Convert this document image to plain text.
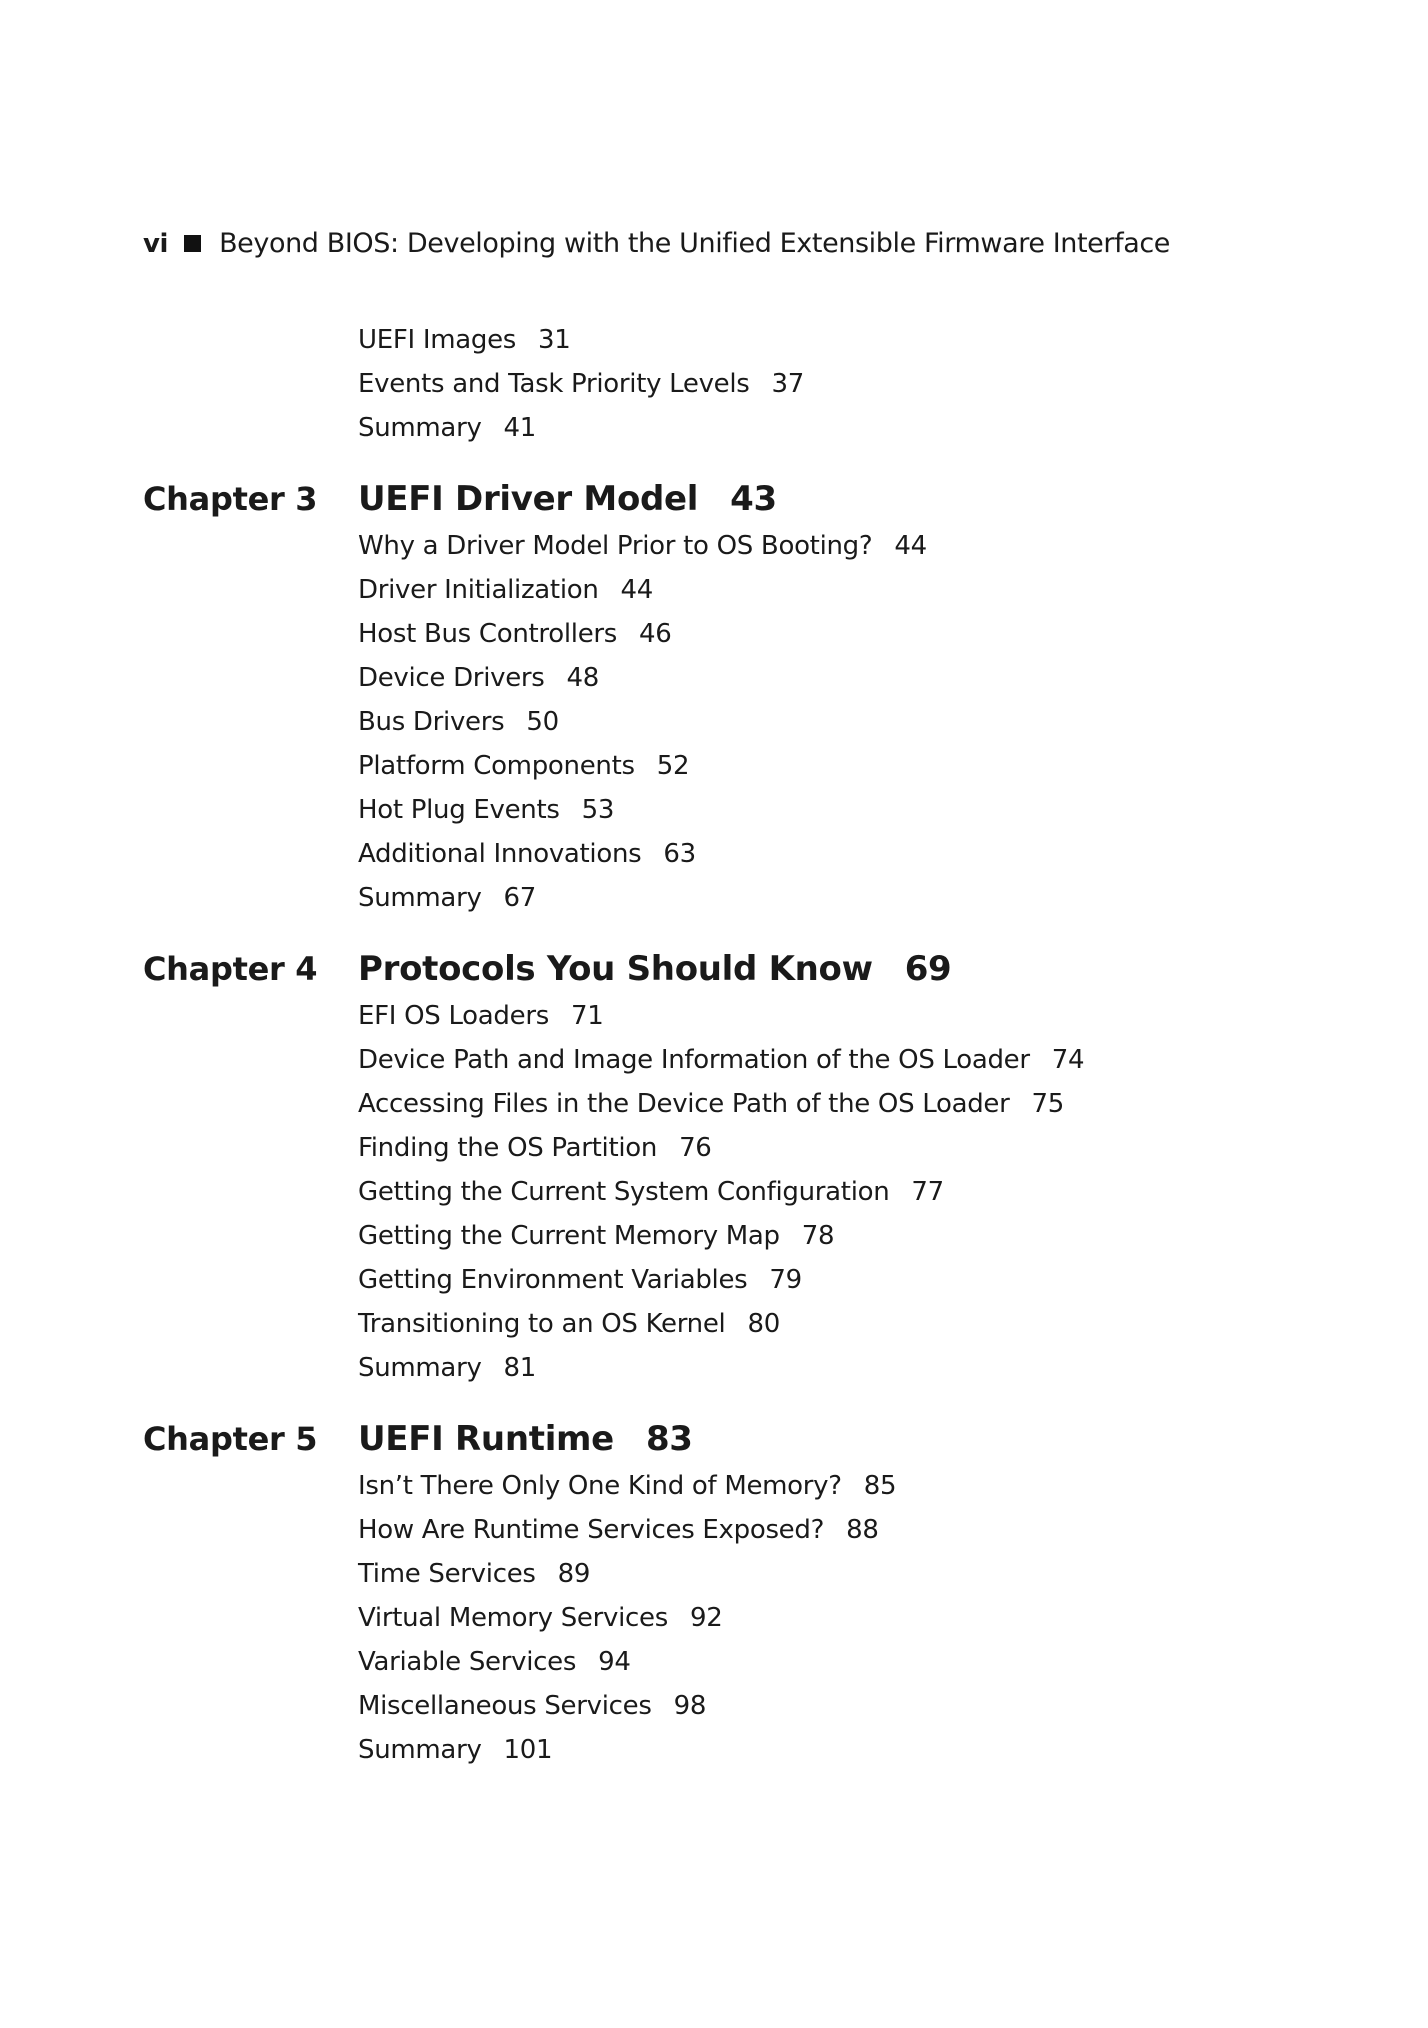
vi Beyond BIOS: Developing with the Unified Extensible Firmware Interface
UEFI Images 31
Events and Task Priority Levels 37
Summary 41
Chapter 3 UEFI Driver Model 43
Why a Driver Model Prior to OS Booting? 44
Driver Initialization 44
Host Bus Controllers 46
Device Drivers 48
Bus Drivers 50
Platform Components 52
Hot Plug Events 53
Additional Innovations 63
Summary 67
Chapter 4 Protocols You Should Know 69
EFI OS Loaders 71
Device Path and Image Information of the OS Loader 74
Accessing Files in the Device Path of the OS Loader 75
Finding the OS Partition 76
Getting the Current System Configuration 77
Getting the Current Memory Map 78
Getting Environment Variables 79
Transitioning to an OS Kernel 80
Summary 81
Chapter 5 UEFI Runtime 83
Isn’t There Only One Kind of Memory? 85
How Are Runtime Services Exposed? 88
Time Services 89
Virtual Memory Services 92
Variable Services 94
Miscellaneous Services 98
Summary 101
